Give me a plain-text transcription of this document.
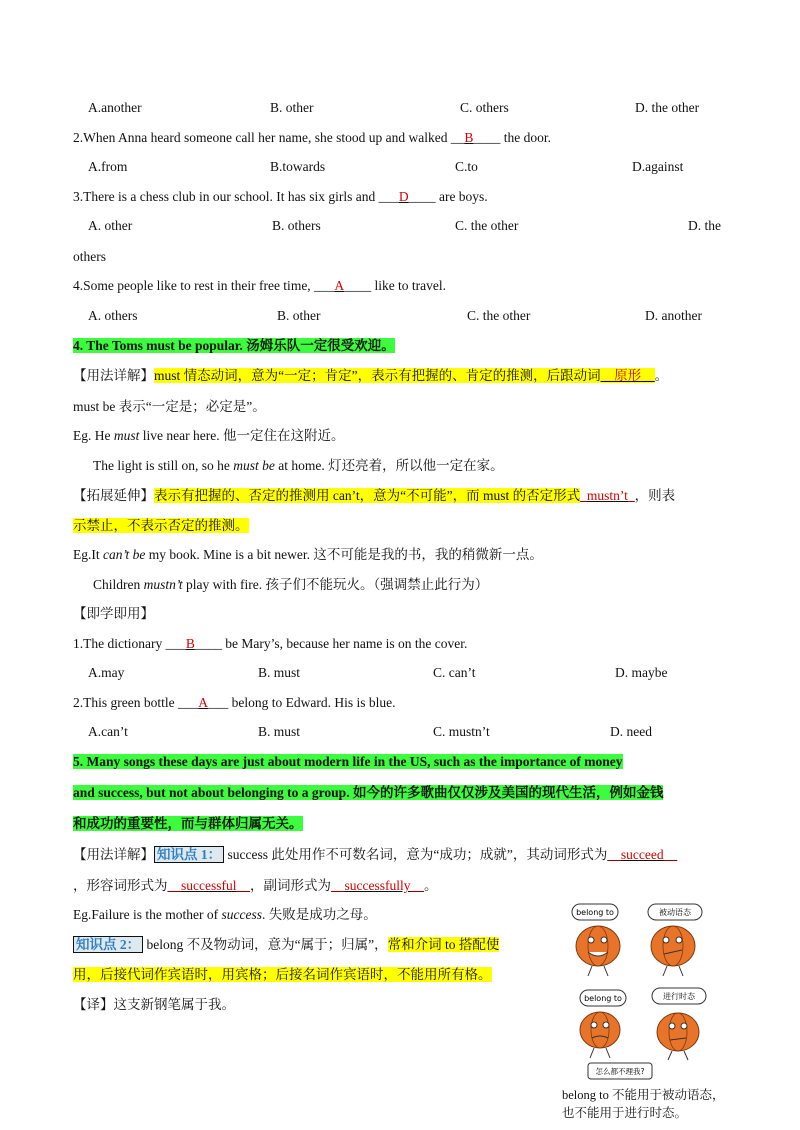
A.another	B. other	C. others	D. the other
2.When Anna heard someone call her name, she stood up and walked __B____ the door.
A.from	B.towards	C.to	D.against
3.There is a chess club in our school. It has six girls and ___D____ are boys.
A. other	B. others	C. the other	D. the
others
4.Some people like to rest in their free time, ___A____ like to travel.
A. others	B. other	C. the other	D. another
4. The Toms must be popular. 汤姆乐队一定很受欢迎。
【用法详解】must 情态动词，意为“一定；肯定”，表示有把握的、肯定的推测，后跟动词__原形__。
must be 表示“一定是；必定是”。
Eg. He must live near here. 他一定住在这附近。
The light is still on, so he must be at home. 灯还亮着，所以他一定在家。
【拓展延伸】表示有把握的、否定的推测用 can’t，意为“不可能”，而 must 的否定形式_mustn’t_，则表
示禁止，不表示否定的推测。
Eg.It can’t be my book. Mine is a bit newer. 这不可能是我的书，我的稍微新一点。
Children mustn’t play with fire. 孩子们不能玩火。（强调禁止此行为）
【即学即用】
1.The dictionary ___B____ be Mary’s, because her name is on the cover.
A.may	B. must	C. can’t	D. maybe
2.This green bottle ___A___ belong to Edward. His is blue.
A.can’t	B. must	C. mustn’t	D. need
5. Many songs these days are just about modern life in the US, such as the importance of money
and success, but not about belonging to a group. 如今的许多歌曲仅仅涉及美国的现代生活，例如金钱
和成功的重要性，而与群体归属无关。
【用法详解】 知识点 1： success 此处用作不可数名词，意为“成功；成就”，其动词形式为__succeed__
，形容词形式为__successful__，副词形式为__successfully__。
Eg.Failure is the mother of success. 失败是成功之母。
知识点 2： belong 不及物动词，意为“属于；归属”，常和介词 to 搭配使
用，后接代词作宾语时，用宾格；后接名词作宾语时，不能用所有格。
【译】这支新钢笔属于我。
belong to	被动语态
belong to	进行时态
怎么都不理我?
belong to 不能用于被动语态，
也不能用于进行时态。
